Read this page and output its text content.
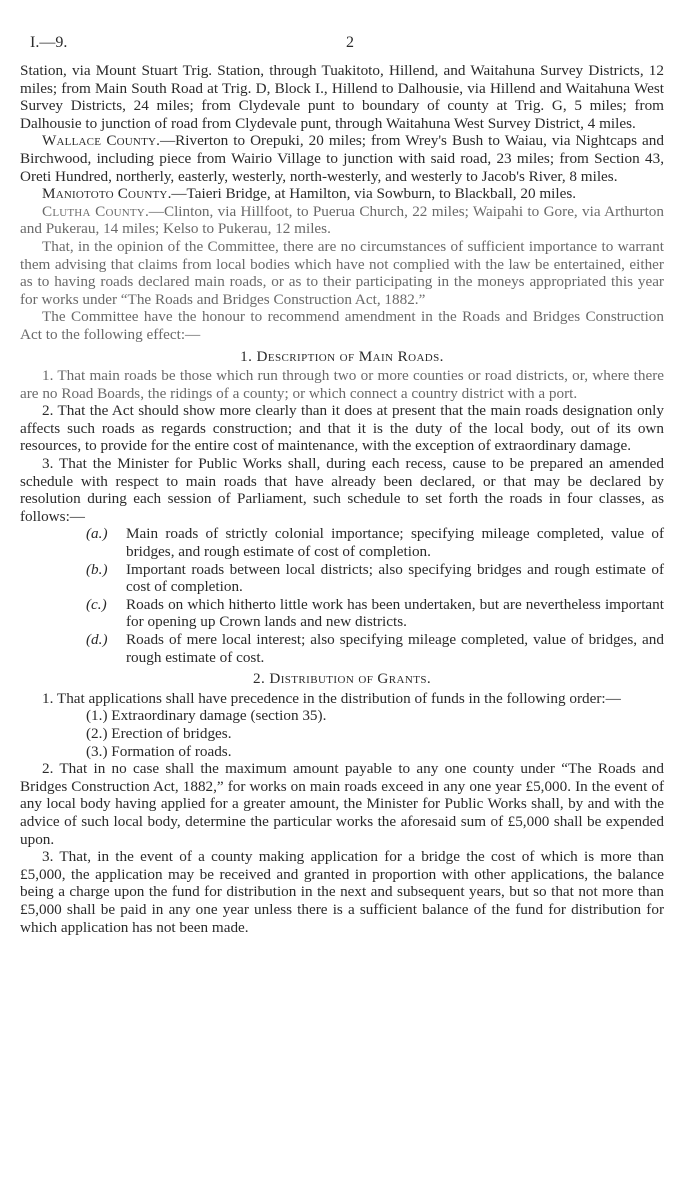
I.—9.	2

Station, via Mount Stuart Trig. Station, through Tuakitoto, Hillend, and Waitahuna Survey Districts, 12 miles; from Main South Road at Trig. D, Block I., Hillend to Dalhousie, via Hillend and Waitahuna West Survey Districts, 24 miles; from Clydevale punt to boundary of county at Trig. G, 5 miles; from Dalhousie to junction of road from Clydevale punt, through Waitahuna West Survey District, 4 miles.

Wallace County.—Riverton to Orepuki, 20 miles; from Wrey's Bush to Waiau, via Nightcaps and Birchwood, including piece from Wairio Village to junction with said road, 23 miles; from Section 43, Oreti Hundred, northerly, easterly, westerly, north-westerly, and westerly to Jacob's River, 8 miles.

Maniototo County.—Taieri Bridge, at Hamilton, via Sowburn, to Blackball, 20 miles.

Clutha County.—Clinton, via Hillfoot, to Puerua Church, 22 miles; Waipahi to Gore, via Arthurton and Pukerau, 14 miles; Kelso to Pukerau, 12 miles.

That, in the opinion of the Committee, there are no circumstances of sufficient importance to warrant them advising that claims from local bodies which have not complied with the law be entertained, either as to having roads declared main roads, or as to their participating in the moneys appropriated this year for works under “The Roads and Bridges Construction Act, 1882.”

The Committee have the honour to recommend amendment in the Roads and Bridges Construction Act to the following effect:—

1. Description of Main Roads.

1. That main roads be those which run through two or more counties or road districts, or, where there are no Road Boards, the ridings of a county; or which connect a country district with a port.

2. That the Act should show more clearly than it does at present that the main roads designation only affects such roads as regards construction; and that it is the duty of the local body, out of its own resources, to provide for the entire cost of maintenance, with the exception of extraordinary damage.

3. That the Minister for Public Works shall, during each recess, cause to be prepared an amended schedule with respect to main roads that have already been declared, or that may be declared by resolution during each session of Parliament, such schedule to set forth the roads in four classes, as follows:—

(a.) Main roads of strictly colonial importance; specifying mileage completed, value of bridges, and rough estimate of cost of completion.

(b.) Important roads between local districts; also specifying bridges and rough estimate of cost of completion.

(c.) Roads on which hitherto little work has been undertaken, but are nevertheless important for opening up Crown lands and new districts.

(d.) Roads of mere local interest; also specifying mileage completed, value of bridges, and rough estimate of cost.

2. Distribution of Grants.

1. That applications shall have precedence in the distribution of funds in the following order:—

(1.) Extraordinary damage (section 35).

(2.) Erection of bridges.

(3.) Formation of roads.

2. That in no case shall the maximum amount payable to any one county under “The Roads and Bridges Construction Act, 1882,” for works on main roads exceed in any one year £5,000. In the event of any local body having applied for a greater amount, the Minister for Public Works shall, by and with the advice of such local body, determine the particular works the aforesaid sum of £5,000 shall be expended upon.

3. That, in the event of a county making application for a bridge the cost of which is more than £5,000, the application may be received and granted in proportion with other applications, the balance being a charge upon the fund for distribution in the next and subsequent years, but so that not more than £5,000 shall be paid in any one year unless there is a sufficient balance of the fund for distribution for which application has not been made.
